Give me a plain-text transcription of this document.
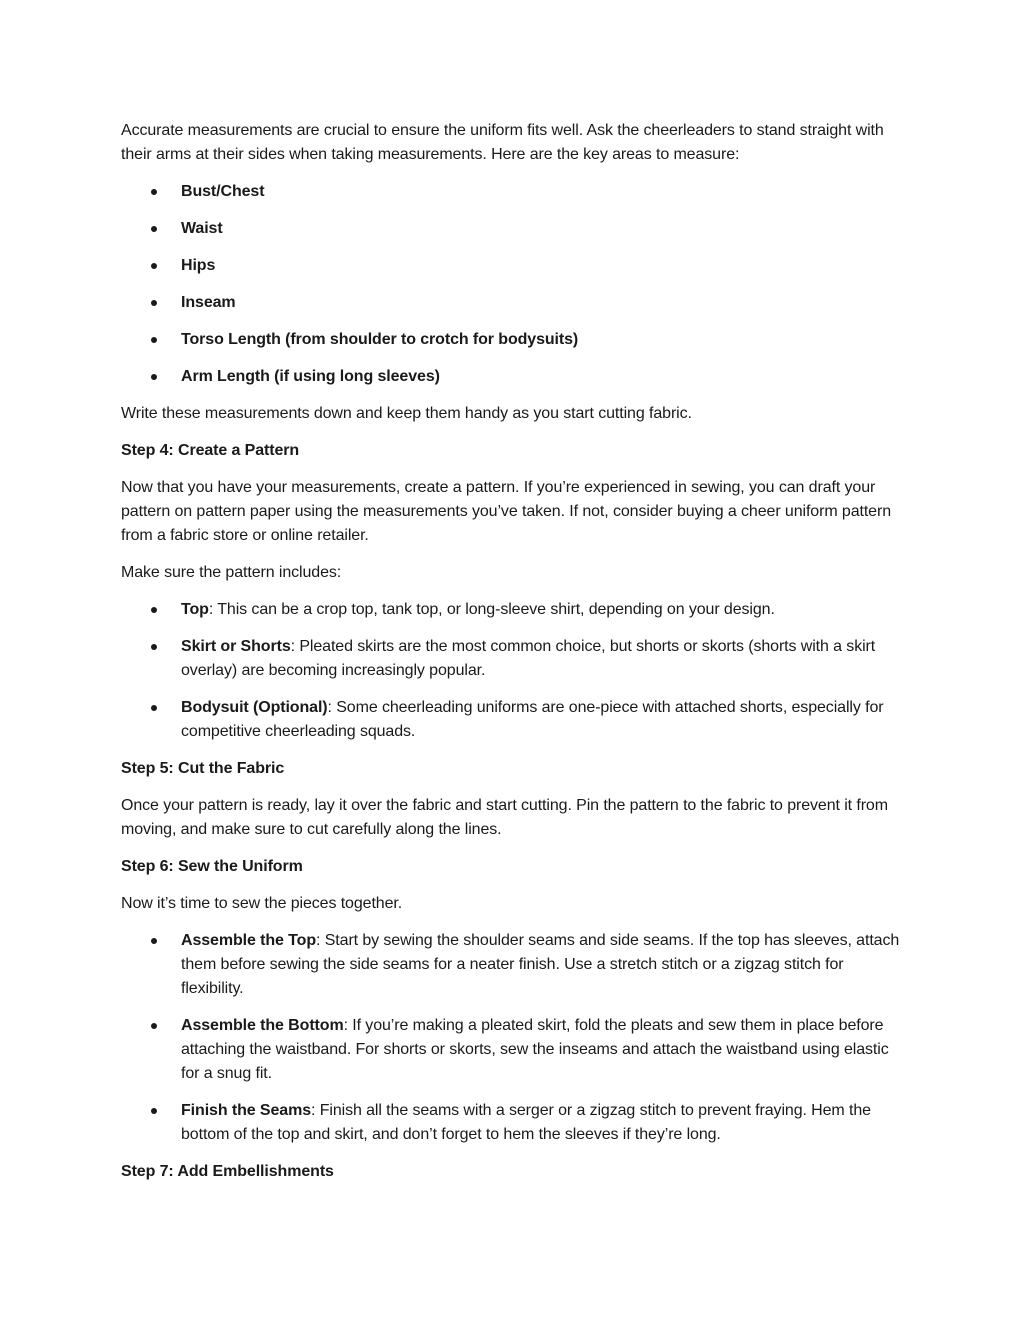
Accurate measurements are crucial to ensure the uniform fits well. Ask the cheerleaders to stand straight with their arms at their sides when taking measurements. Here are the key areas to measure:

Bust/Chest
Waist
Hips
Inseam
Torso Length (from shoulder to crotch for bodysuits)
Arm Length (if using long sleeves)

Write these measurements down and keep them handy as you start cutting fabric.

Step 4: Create a Pattern

Now that you have your measurements, create a pattern. If you’re experienced in sewing, you can draft your pattern on pattern paper using the measurements you’ve taken. If not, consider buying a cheer uniform pattern from a fabric store or online retailer.

Make sure the pattern includes:

Top: This can be a crop top, tank top, or long-sleeve shirt, depending on your design.
Skirt or Shorts: Pleated skirts are the most common choice, but shorts or skorts (shorts with a skirt overlay) are becoming increasingly popular.
Bodysuit (Optional): Some cheerleading uniforms are one-piece with attached shorts, especially for competitive cheerleading squads.

Step 5: Cut the Fabric

Once your pattern is ready, lay it over the fabric and start cutting. Pin the pattern to the fabric to prevent it from moving, and make sure to cut carefully along the lines.

Step 6: Sew the Uniform

Now it’s time to sew the pieces together.

Assemble the Top: Start by sewing the shoulder seams and side seams. If the top has sleeves, attach them before sewing the side seams for a neater finish. Use a stretch stitch or a zigzag stitch for flexibility.
Assemble the Bottom: If you’re making a pleated skirt, fold the pleats and sew them in place before attaching the waistband. For shorts or skorts, sew the inseams and attach the waistband using elastic for a snug fit.
Finish the Seams: Finish all the seams with a serger or a zigzag stitch to prevent fraying. Hem the bottom of the top and skirt, and don’t forget to hem the sleeves if they’re long.

Step 7: Add Embellishments
